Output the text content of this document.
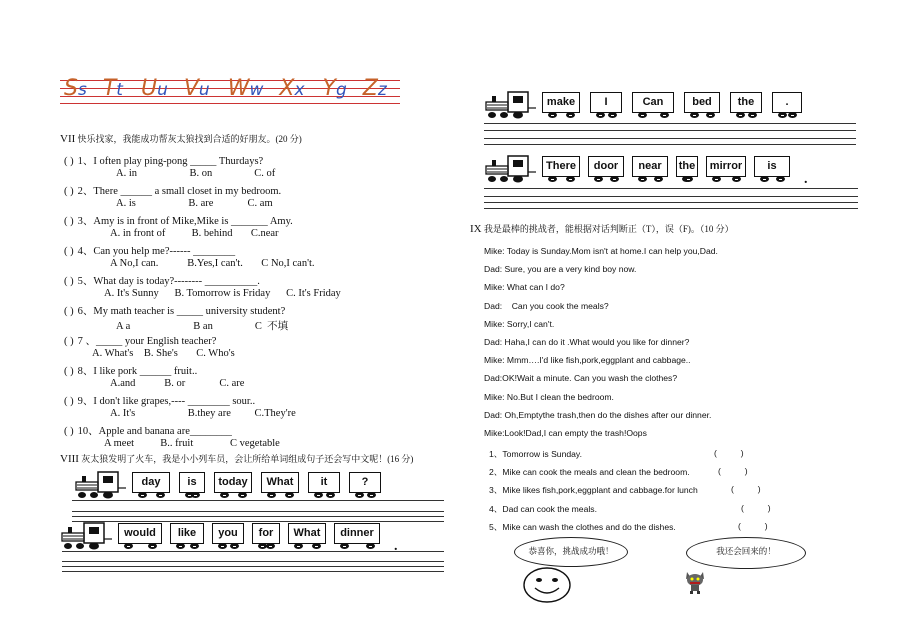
Ss Tt Uu Vu Ww Xx Yg Zz
VII 快乐找家，我能成功帮灰太狼找到合适的好朋友。(20 分)
( ) 1、I often play ping-pong _____ Thurdays?
A. in                    B. on                C. of
( ) 2、There ______ a small closet in my bedroom.
A. is                    B. are             C. am
( ) 3、Amy is in front of Mike,Mike is _______ Amy.
A. in front of          B. behind       C.near
( ) 4、Can you help me?------ ________
A No,I can.           B.Yes,I can't.       C No,I can't.
( ) 5、What day is today?-------- __________.
A. It's Sunny      B. Tomorrow is Friday      C. It's Friday
( ) 6、My math teacher is _____ university student?
A a                        B an                C  不填
( ) 7 、_____ your English teacher?
A. What's    B. She's       C. Who's
( ) 8、I like pork ______ fruit..
A.and           B. or             C. are
( ) 9、I don't like grapes,---- ________ sour..
A. It's                    B.they are         C.They're
( ) 10、Apple and banana are________
A meet          B.. fruit              C vegetable
VIII 灰太狼发明了火车，我是小小列车员，会让所给单词组成句子还会写中文呢！(16 分)
day	is	today	What	it	?
would	like	you	for	What	dinner
.
make	I	Can	bed	the	.
There	door	near	the	mirror	is
.
IX 我是最棒的挑战者，能根据对话判断正（T），误（F)。（10 分）
Mike: Today is Sunday.Mom isn't at home.I can help you,Dad.
Dad: Sure, you are a very kind boy now.
Mike: What can I do?
Dad:    Can you cook the meals?
Mike: Sorry,I can't.
Dad: Haha,I can do it .What would you like for dinner?
Mike: Mmm….I'd like fish,pork,eggplant and cabbage..
Dad:OK!Wait a minute. Can you wash the clothes?
Mike: No.But I clean the bedroom.
Dad: Oh,Emptythe trash,then do the dishes after our dinner.
Mike:Look!Dad,I can empty the trash!Oops
1、Tomorrow is Sunday.	(          )
2、Mike can cook the meals and clean the bedroom.	(          )
3、Mike likes fish,pork,eggplant and cabbage.for lunch	(          )
4、Dad can cook the meals.	(          )
5、Mike can wash the clothes and do the dishes.	(          )
恭喜你，挑战成功哦！	我还会回来的！
